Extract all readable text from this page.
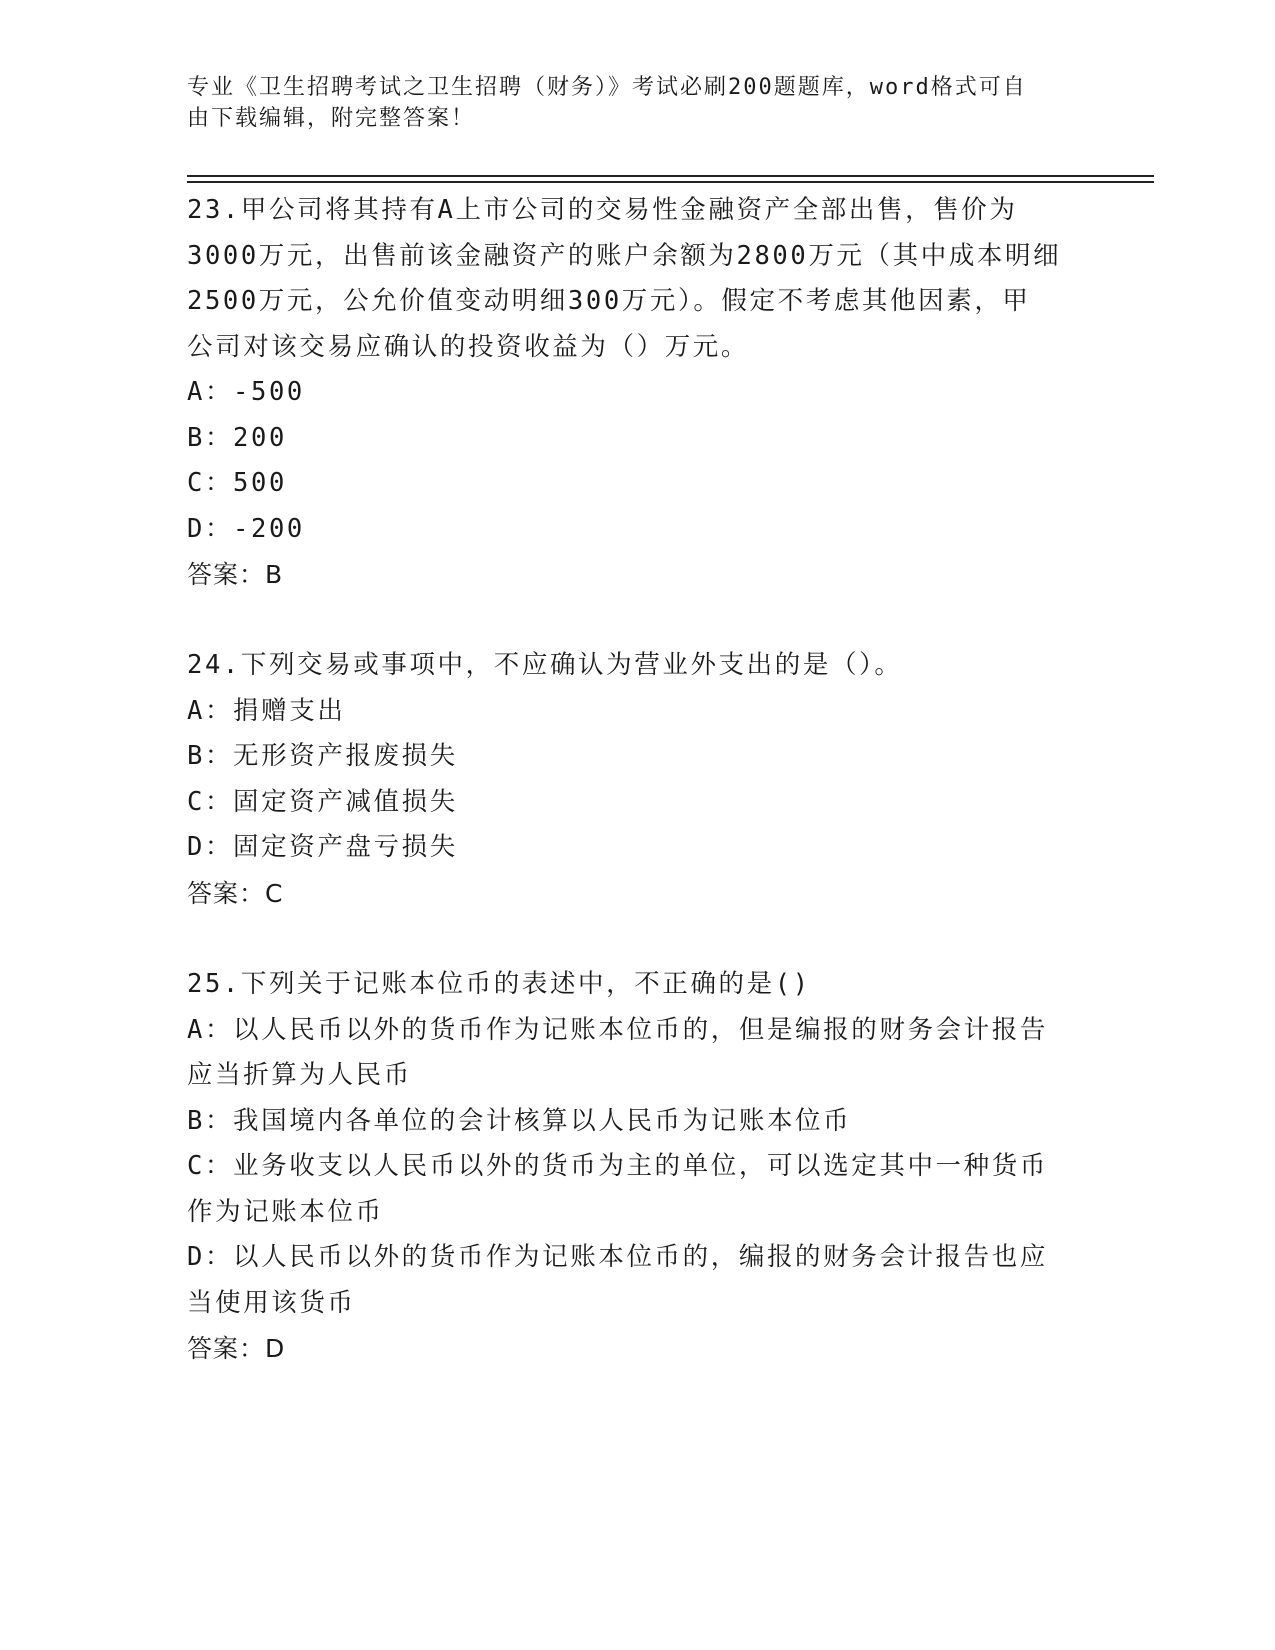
专业《卫生招聘考试之卫生招聘（财务）》考试必刷200题题库，word格式可自
由下载编辑，附完整答案！
23.甲公司将其持有A上市公司的交易性金融资产全部出售，售价为
3000万元，出售前该金融资产的账户余额为2800万元（其中成本明细
2500万元，公允价值变动明细300万元）。假定不考虑其他因素，甲
公司对该交易应确认的投资收益为（）万元。
A：-500
B：200
C：500
D：-200
答案：B
24.下列交易或事项中，不应确认为营业外支出的是（）。
A：捐赠支出
B：无形资产报废损失
C：固定资产减值损失
D：固定资产盘亏损失
答案：C
25.下列关于记账本位币的表述中，不正确的是()
A：以人民币以外的货币作为记账本位币的，但是编报的财务会计报告
应当折算为人民币
B：我国境内各单位的会计核算以人民币为记账本位币
C：业务收支以人民币以外的货币为主的单位，可以选定其中一种货币
作为记账本位币
D：以人民币以外的货币作为记账本位币的，编报的财务会计报告也应
当使用该货币
答案：D
